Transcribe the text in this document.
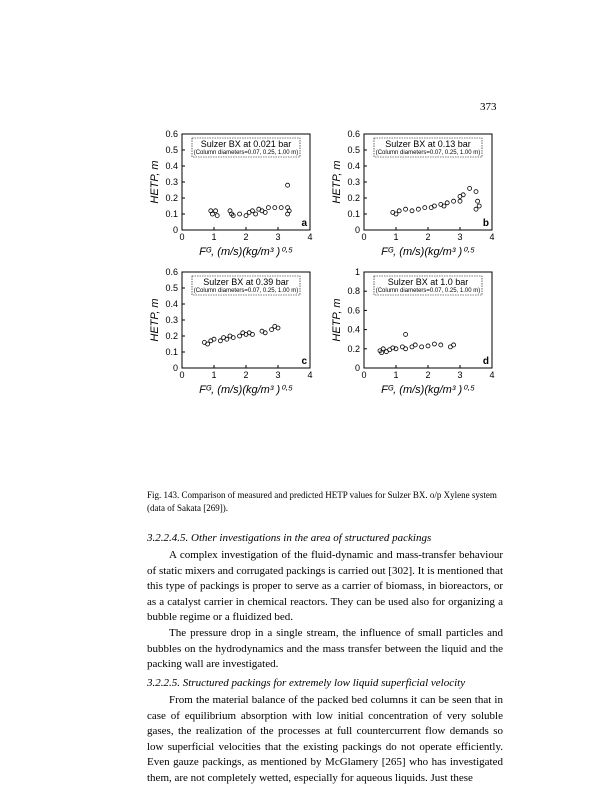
373
0	1	2	3	4
0
0.1
0.2
0.3
0.4
0.5
0.6
HETP, m
Fᴳ, (m/s)(kg/m³ )⁰·⁵
Sulzer BX at 0.021 bar
(Column diameters=0.07, 0.25, 1.00 m)
a
0	1	2	3	4
0
0.1
0.2
0.3
0.4
0.5
0.6
HETP, m
Fᴳ, (m/s)(kg/m³ )⁰·⁵
Sulzer BX at 0.13 bar
(Column diameters=0.07, 0.25, 1.00 m)
b
0	1	2	3	4
0
0.1
0.2
0.3
0.4
0.5
0.6
HETP, m
Fᴳ, (m/s)(kg/m³ )⁰·⁵
Sulzer BX at 0.39 bar
(Column diameters=0.07, 0.25, 1.00 m)
c
0	1	2	3	4
0
0.2
0.4
0.6
0.8
1
HETP, m
Fᴳ, (m/s)(kg/m³ )⁰·⁵
Sulzer BX at 1.0 bar
(Column diameters=0.07, 0.25, 1.00 m)
d
Fig. 143. Comparison of measured and predicted HETP values for Sulzer BX. o/p Xylene system (data of Sakata [269]).
3.2.2.4.5. Other investigations in the area of structured packings
A complex investigation of the fluid-dynamic and mass-transfer behaviour of static mixers and corrugated packings is carried out [302]. It is mentioned that this type of packings is proper to serve as a carrier of biomass, in bioreactors, or as a catalyst carrier in chemical reactors. They can be used also for organizing a bubble regime or a fluidized bed.
The pressure drop in a single stream, the influence of small particles and bubbles on the hydrodynamics and the mass transfer between the liquid and the packing wall are investigated.
3.2.2.5. Structured packings for extremely low liquid superficial velocity
From the material balance of the packed bed columns it can be seen that in case of equilibrium absorption with low initial concentration of very soluble gases, the realization of the processes at full countercurrent flow demands so low superficial velocities that the existing packings do not operate efficiently. Even gauze packings, as mentioned by McGlamery [265] who has investigated them, are not completely wetted, especially for aqueous liquids. Just these
